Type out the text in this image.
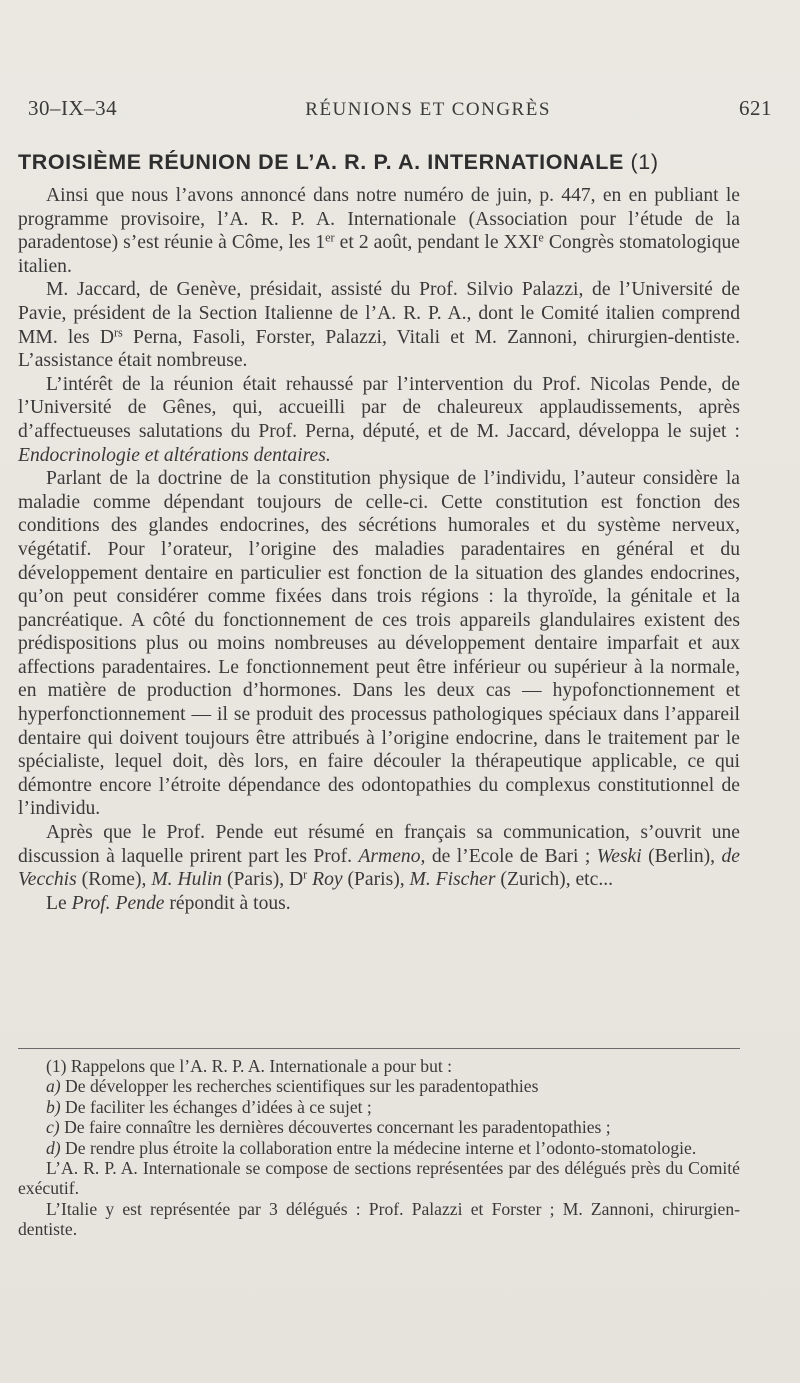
30–IX–34	RÉUNIONS ET CONGRÈS	621
TROISIÈME RÉUNION DE L’A. R. P. A. INTERNATIONALE (1)

Ainsi que nous l’avons annoncé dans notre numéro de juin, p. 447, en en publiant le programme provisoire, l’A. R. P. A. Internationale (Association pour l’étude de la paradentose) s’est réunie à Côme, les 1er et 2 août, pendant le XXIe Congrès stomatologique italien.

M. Jaccard, de Genève, présidait, assisté du Prof. Silvio Palazzi, de l’Université de Pavie, président de la Section Italienne de l’A. R. P. A., dont le Comité italien comprend MM. les $D^{rs}$ Perna, Fasoli, Forster, Palazzi, Vitali et M. Zannoni, chirurgien-dentiste. L’assistance était nombreuse.

L’intérêt de la réunion était rehaussé par l’intervention du Prof. Nicolas Pende, de l’Université de Gênes, qui, accueilli par de chaleureux applaudissements, après d’affectueuses salutations du Prof. Perna, député, et de M. Jaccard, développa le sujet : Endocrinologie et altérations dentaires.

Parlant de la doctrine de la constitution physique de l’individu, l’auteur considère la maladie comme dépendant toujours de celle-ci. Cette constitution est fonction des conditions des glandes endocrines, des sécrétions humorales et du système nerveux, végétatif. Pour l’orateur, l’origine des maladies paradentaires en général et du développement dentaire en particulier est fonction de la situation des glandes endocrines, qu’on peut considérer comme fixées dans trois régions : la thyroïde, la génitale et la pancréatique. A côté du fonctionnement de ces trois appareils glandulaires existent des prédispositions plus ou moins nombreuses au développement dentaire imparfait et aux affections paradentaires. Le fonctionnement peut être inférieur ou supérieur à la normale, en matière de production d’hormones. Dans les deux cas — hypofonctionnement et hyperfonctionnement — il se produit des processus pathologiques spéciaux dans l’appareil dentaire qui doivent toujours être attribués à l’origine endocrine, dans le traitement par le spécialiste, lequel doit, dès lors, en faire découler la thérapeutique applicable, ce qui démontre encore l’étroite dépendance des odontopathies du complexus constitutionnel de l’individu.

Après que le Prof. Pende eut résumé en français sa communication, s’ouvrit une discussion à laquelle prirent part les Prof. Armeno, de l’Ecole de Bari ; Weski (Berlin), de Vecchis (Rome), M. Hulin (Paris), $D^r$ Roy (Paris), M. Fischer (Zurich), etc...

Le Prof. Pende répondit à tous.

(1) Rappelons que l’A. R. P. A. Internationale a pour but :

a) De développer les recherches scientifiques sur les paradentopathies

b) De faciliter les échanges d’idées à ce sujet ;

c) De faire connaître les dernières découvertes concernant les paradentopathies ;

d) De rendre plus étroite la collaboration entre la médecine interne et l’odonto-stomatologie.

L’A. R. P. A. Internationale se compose de sections représentées par des délégués près du Comité exécutif.

L’Italie y est représentée par 3 délégués : Prof. Palazzi et Forster ; M. Zannoni, chirurgien-dentiste.
